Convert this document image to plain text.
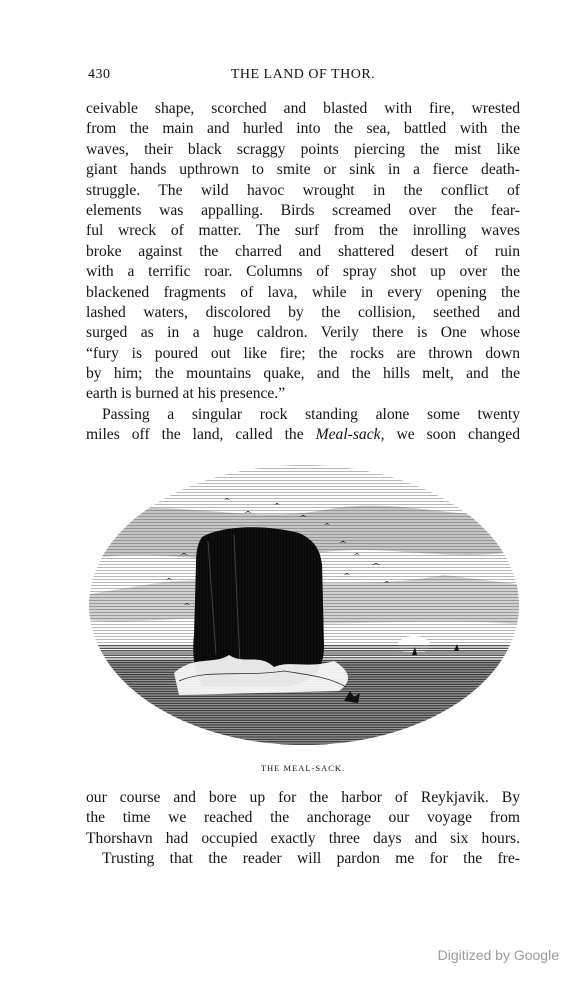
430	THE LAND OF THOR.
ceivable shape, scorched and blasted with fire, wrested
from the main and hurled into the sea, battled with the
waves, their black scraggy points piercing the mist like
giant hands upthrown to smite or sink in a fierce death-
struggle. The wild havoc wrought in the conflict of
elements was appalling. Birds screamed over the fear-
ful wreck of matter. The surf from the inrolling waves
broke against the charred and shattered desert of ruin
with a terrific roar. Columns of spray shot up over the
blackened fragments of lava, while in every opening the
lashed waters, discolored by the collision, seethed and
surged as in a huge caldron. Verily there is One whose
“fury is poured out like fire; the rocks are thrown down
by him; the mountains quake, and the hills melt, and the
earth is burned at his presence.”
Passing a singular rock standing alone some twenty
miles off the land, called the Meal-sack, we soon changed
THE MEAL-SACK.
our course and bore up for the harbor of Reykjavik. By
the time we reached the anchorage our voyage from
Thorshavn had occupied exactly three days and six hours.
Trusting that the reader will pardon me for the fre-
Digitized by Google
